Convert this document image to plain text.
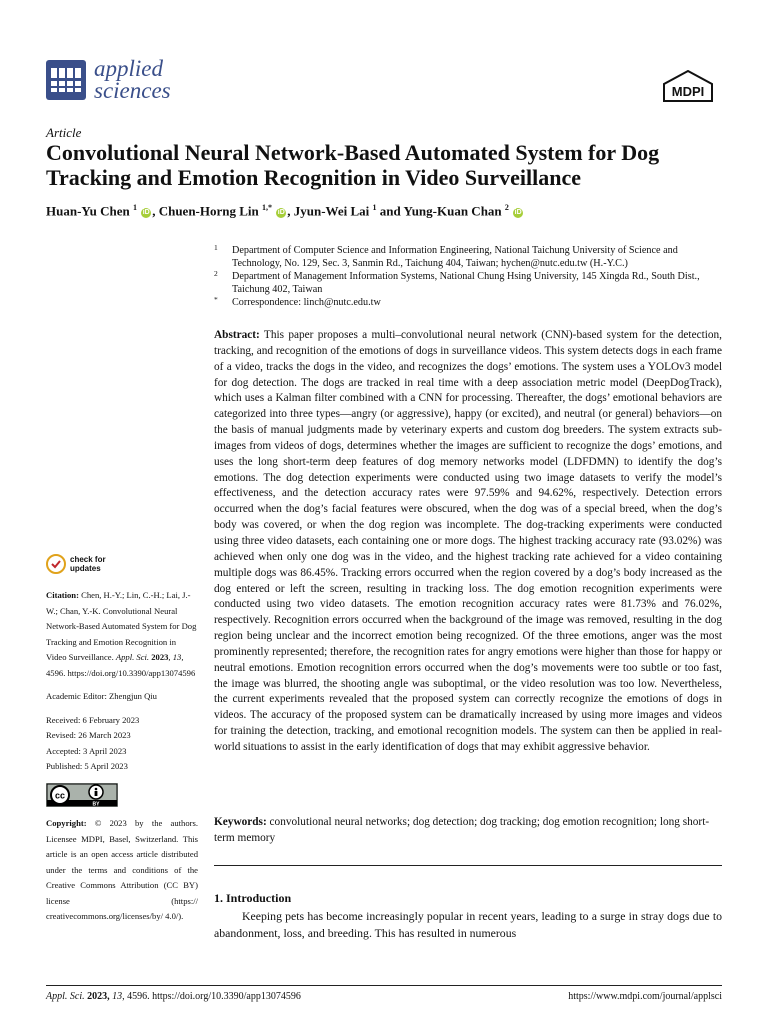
applied
sciences	MDPI
Article
Convolutional Neural Network-Based Automated System for Dog Tracking and Emotion Recognition in Video Surveillance
Huan-Yu Chen $^1$ iD , Chuen-Horng Lin $^{1,*}$ iD , Jyun-Wei Lai $^1$ and Yung-Kuan Chan $^2$ iD
1 Department of Computer Science and Information Engineering, National Taichung University of Science and Technology, No. 129, Sec. 3, Sanmin Rd., Taichung 404, Taiwan; hychen@nutc.edu.tw (H.-Y.C.)
2 Department of Management Information Systems, National Chung Hsing University, 145 Xingda Rd., South Dist., Taichung 402, Taiwan
* Correspondence: linch@nutc.edu.tw

Abstract: This paper proposes a multi–convolutional neural network (CNN)-based system for the detection, tracking, and recognition of the emotions of dogs in surveillance videos. This system detects dogs in each frame of a video, tracks the dogs in the video, and recognizes the dogs’ emotions. The system uses a YOLOv3 model for dog detection. The dogs are tracked in real time with a deep association metric model (DeepDogTrack), which uses a Kalman filter combined with a CNN for processing. Thereafter, the dogs’ emotional behaviors are categorized into three types—angry (or aggressive), happy (or excited), and neutral (or general) behaviors—on the basis of manual judgments made by veterinary experts and custom dog breeders. The system extracts sub-images from videos of dogs, determines whether the images are sufficient to recognize the dogs’ emotions, and uses the long short-term deep features of dog memory networks model (LDFDMN) to identify the dog’s emotions. The dog detection experiments were conducted using two image datasets to verify the model’s effectiveness, and the detection accuracy rates were 97.59% and 94.62%, respectively. Detection errors occurred when the dog’s facial features were obscured, when the dog was of a special breed, when the dog’s body was covered, or when the dog region was incomplete. The dog-tracking experiments were conducted using three video datasets, each containing one or more dogs. The highest tracking accuracy rate (93.02%) was achieved when only one dog was in the video, and the highest tracking rate achieved for a video containing multiple dogs was 86.45%. Tracking errors occurred when the region covered by a dog’s body increased as the dog entered or left the screen, resulting in tracking loss. The dog emotion recognition experiments were conducted using two video datasets. The emotion recognition accuracy rates were 81.73% and 76.02%, respectively. Recognition errors occurred when the background of the image was removed, resulting in the dog region being unclear and the incorrect emotion being recognized. Of the three emotions, anger was the most prominently represented; therefore, the recognition rates for angry emotions were higher than those for happy or neutral emotions. Emotion recognition errors occurred when the dog’s movements were too subtle or too fast, the image was blurred, the shooting angle was suboptimal, or the video resolution was too low. Nevertheless, the current experiments revealed that the proposed system can correctly recognize the emotions of dogs in videos. The accuracy of the proposed system can be dramatically increased by using more images and videos for training the detection, tracking, and emotional recognition models. The system can then be applied in real-world situations to assist in the early identification of dogs that may exhibit aggressive behavior.

Keywords: convolutional neural networks; dog detection; dog tracking; dog emotion recognition; long short-term memory

1. Introduction

Keeping pets has become increasingly popular in recent years, leading to a surge in stray dogs due to abandonment, loss, and breeding. This has resulted in numerous

check for
updates

Citation: Chen, H.-Y.; Lin, C.-H.; Lai, J.-W.; Chan, Y.-K. Convolutional Neural Network-Based Automated System for Dog Tracking and Emotion Recognition in Video Surveillance. Appl. Sci. 2023, 13, 4596. https://doi.org/10.3390/app13074596

Academic Editor: Zhengjun Qiu

Received: 6 February 2023
Revised: 26 March 2023
Accepted: 3 April 2023
Published: 5 April 2023

cc
BY

Copyright: © 2023 by the authors. Licensee MDPI, Basel, Switzerland. This article is an open access article distributed under the terms and conditions of the Creative Commons Attribution (CC BY) license (https:// creativecommons.org/licenses/by/ 4.0/).

Appl. Sci. 2023, 13, 4596. https://doi.org/10.3390/app13074596	https://www.mdpi.com/journal/applsci
